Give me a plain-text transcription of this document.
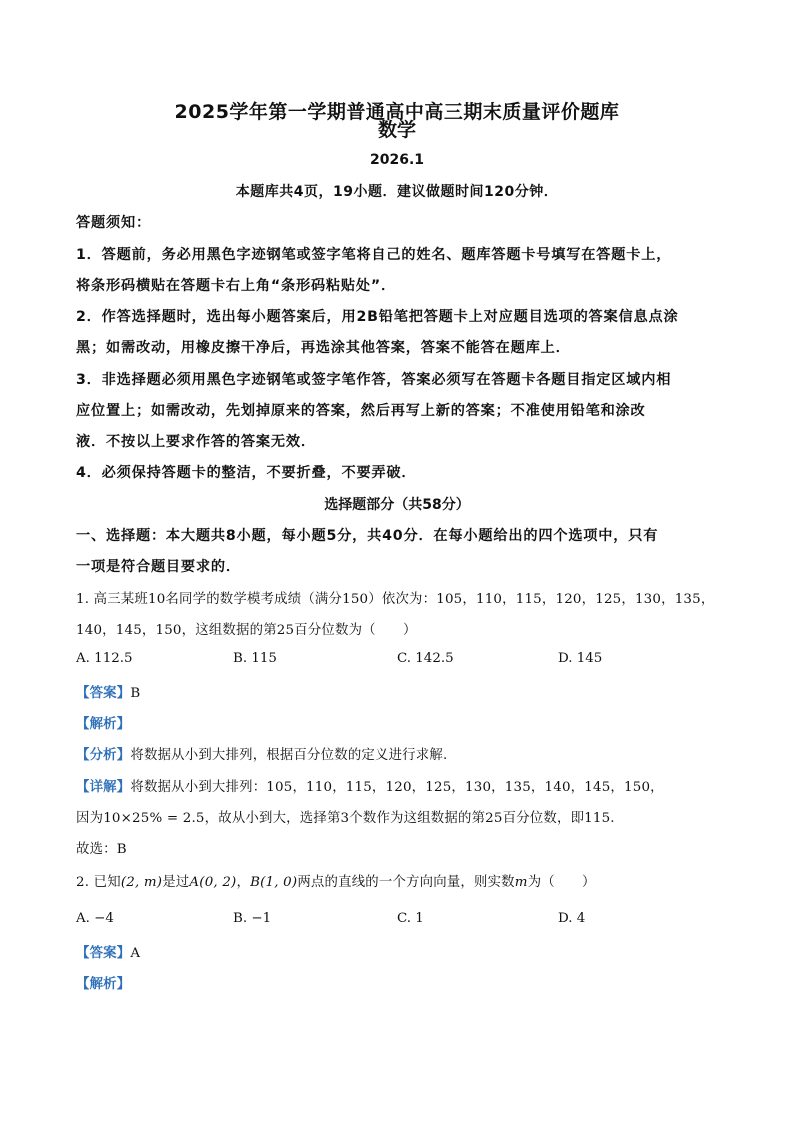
2025学年第一学期普通高中高三期末质量评价题库
数学
2026.1
本题库共4页，19小题．建议做题时间120分钟．
答题须知：
1．答题前，务必用黑色字迹钢笔或签字笔将自己的姓名、题库答题卡号填写在答题卡上，
将条形码横贴在答题卡右上角“条形码粘贴处”．
2．作答选择题时，选出每小题答案后，用2B铅笔把答题卡上对应题目选项的答案信息点涂
黑；如需改动，用橡皮擦干净后，再选涂其他答案，答案不能答在题库上．
3．非选择题必须用黑色字迹钢笔或签字笔作答，答案必须写在答题卡各题目指定区域内相
应位置上；如需改动，先划掉原来的答案，然后再写上新的答案；不准使用铅笔和涂改
液．不按以上要求作答的答案无效．
4．必须保持答题卡的整洁，不要折叠，不要弄破．
选择题部分（共58分）
一、选择题：本大题共8小题，每小题5分，共40分．在每小题给出的四个选项中，只有
一项是符合题目要求的．
1. 高三某班10名同学的数学模考成绩（满分150）依次为：105，110，115，120，125，130，135，
140，145，150，这组数据的第25百分位数为（　　）
A. 112.5	B. 115	C. 142.5	D. 145
【答案】B
【解析】
【分析】将数据从小到大排列，根据百分位数的定义进行求解.
【详解】将数据从小到大排列：105，110，115，120，125，130，135，140，145，150，
因为10×25% = 2.5，故从小到大，选择第3个数作为这组数据的第25百分位数，即115.
故选：B
2. 已知(2, m)是过A(0, 2)，B(1, 0)两点的直线的一个方向向量，则实数m为（　　）
A. −4	B. −1	C. 1	D. 4
【答案】A
【解析】
